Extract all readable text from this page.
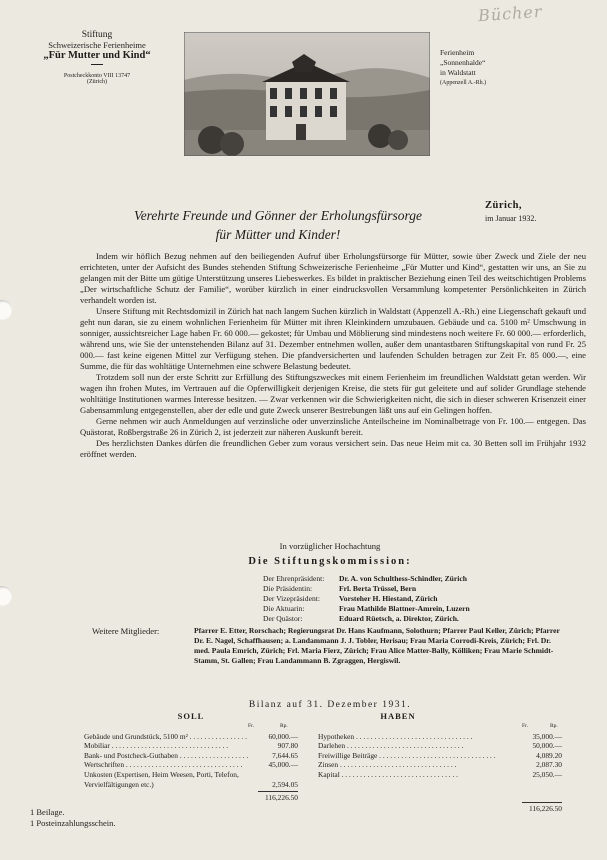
Bücher
Stiftung
Schweizerische Ferienheime
„Für Mutter und Kind“
Postcheckkonto VIII 13747
(Zürich)
Ferienheim
„Sonnenhalde“
in Waldstatt
(Appenzell A.-Rh.)
Verehrte Freunde und Gönner der Erholungsfürsorge
für Mütter und Kinder!
Zürich,
im Januar 1932.

Indem wir höflich Bezug nehmen auf den beiliegenden Aufruf über Erholungsfürsorge für Mütter, sowie über Zweck und Ziele der neu errichteten, unter der Aufsicht des Bundes stehenden Stiftung Schweizerische Ferienheime „Für Mutter und Kind“, gestatten wir uns, an Sie zu gelangen mit der Bitte um gütige Unterstützung unseres Liebeswerkes. Es bildet in praktischer Beziehung einen Teil des weitschichtigen Problems „Der wirtschaftliche Schutz der Familie“, worüber kürzlich in einer eindrucksvollen Versammlung kompetenter Persönlichkeiten in Zürich verhandelt worden ist.

Unsere Stiftung mit Rechtsdomizil in Zürich hat nach langem Suchen kürzlich in Waldstatt (Appenzell A.-Rh.) eine Liegenschaft gekauft und geht nun daran, sie zu einem wohnlichen Ferienheim für Mütter mit ihren Kleinkindern umzubauen. Gebäude und ca. 5100 m² Umschwung in sonniger, aussichtsreicher Lage haben Fr. 60 000.— gekostet; für Umbau und Möblierung sind mindestens noch weitere Fr. 60 000.— erforderlich, während uns, wie Sie der untenstehenden Bilanz auf 31. Dezember entnehmen wollen, außer dem unantastbaren Stiftungskapital von rund Fr. 25 000.— fast keine eigenen Mittel zur Verfügung stehen. Die pfandversicherten und laufenden Schulden betragen zur Zeit Fr. 85 000.—, eine Summe, die für das wohltätige Unternehmen eine schwere Belastung bedeutet.

Trotzdem soll nun der erste Schritt zur Erfüllung des Stiftungszweckes mit einem Ferienheim im freundlichen Waldstatt getan werden. Wir wagen ihn frohen Mutes, im Vertrauen auf die Opferwilligkeit derjenigen Kreise, die stets für gut geleitete und auf solider Grundlage stehende wohltätige Institutionen warmes Interesse besitzen. — Zwar verkennen wir die Schwierigkeiten nicht, die sich in dieser schweren Krisenzeit einer Gabensammlung entgegenstellen, aber der edle und gute Zweck unserer Bestrebungen läßt uns auf ein Gelingen hoffen.

Gerne nehmen wir auch Anmeldungen auf verzinsliche oder unverzinsliche Anteilscheine im Nominalbetrage von Fr. 100.— entgegen. Das Quästorat, Roßbergstraße 26 in Zürich 2, ist jederzeit zur näheren Auskunft bereit.

Des herzlichsten Dankes dürfen die freundlichen Geber zum voraus versichert sein. Das neue Heim mit ca. 30 Betten soll im Frühjahr 1932 eröffnet werden.

In vorzüglicher Hochachtung
Die Stiftungskommission:
Der Ehrenpräsident:	Dr. A. von Schulthess-Schindler, Zürich
Die Präsidentin:	Frl. Berta Trüssel, Bern
Der Vizepräsident:	Vorsteher H. Hiestand, Zürich
Die Aktuarin:	Frau Mathilde Blattner-Amrein, Luzern
Der Quästor:	Eduard Rüetsch, a. Direktor, Zürich.
Weitere Mitglieder:	Pfarrer E. Etter, Rorschach; Regierungsrat Dr. Hans Kaufmann, Solothurn; Pfarrer Paul Keller, Zürich; Pfarrer Dr. E. Nagel, Schaffhausen; a. Landammann J. J. Tobler, Herisau; Frau Maria Corrodi-Kreis, Zürich; Frl. Dr. med. Paula Emrich, Zürich; Frl. Maria Fierz, Zürich; Frau Alice Matter-Bally, Kölliken; Frau Marie Schmidt-Stamm, St. Gallen; Frau Landammann B. Zgraggen, Hergiswil.
Bilanz auf 31. Dezember 1931.
SOLL
Fr.	Rp.
Gebäude und Grundstück, 5100 m² . . .	60,000.—
Mobiliar . . .	907.80
Bank- und Postcheck-Guthaben . . .	7,644.65
Wertschriften . . .	45,000.—
Unkosten (Expertisen, Heim Weesen, Porti, Telefon, Vervielfältigungen etc.)	2,594.05
116,226.50
HABEN
Fr.	Rp.
Hypotheken . . .	35,000.—
Darlehen . . .	50,000.—
Freiwillige Beiträge . . .	4,089.20
Zinsen . . .	2,087.30
Kapital . . .	25,050.—
116,226.50
1 Beilage.
1 Posteinzahlungsschein.
